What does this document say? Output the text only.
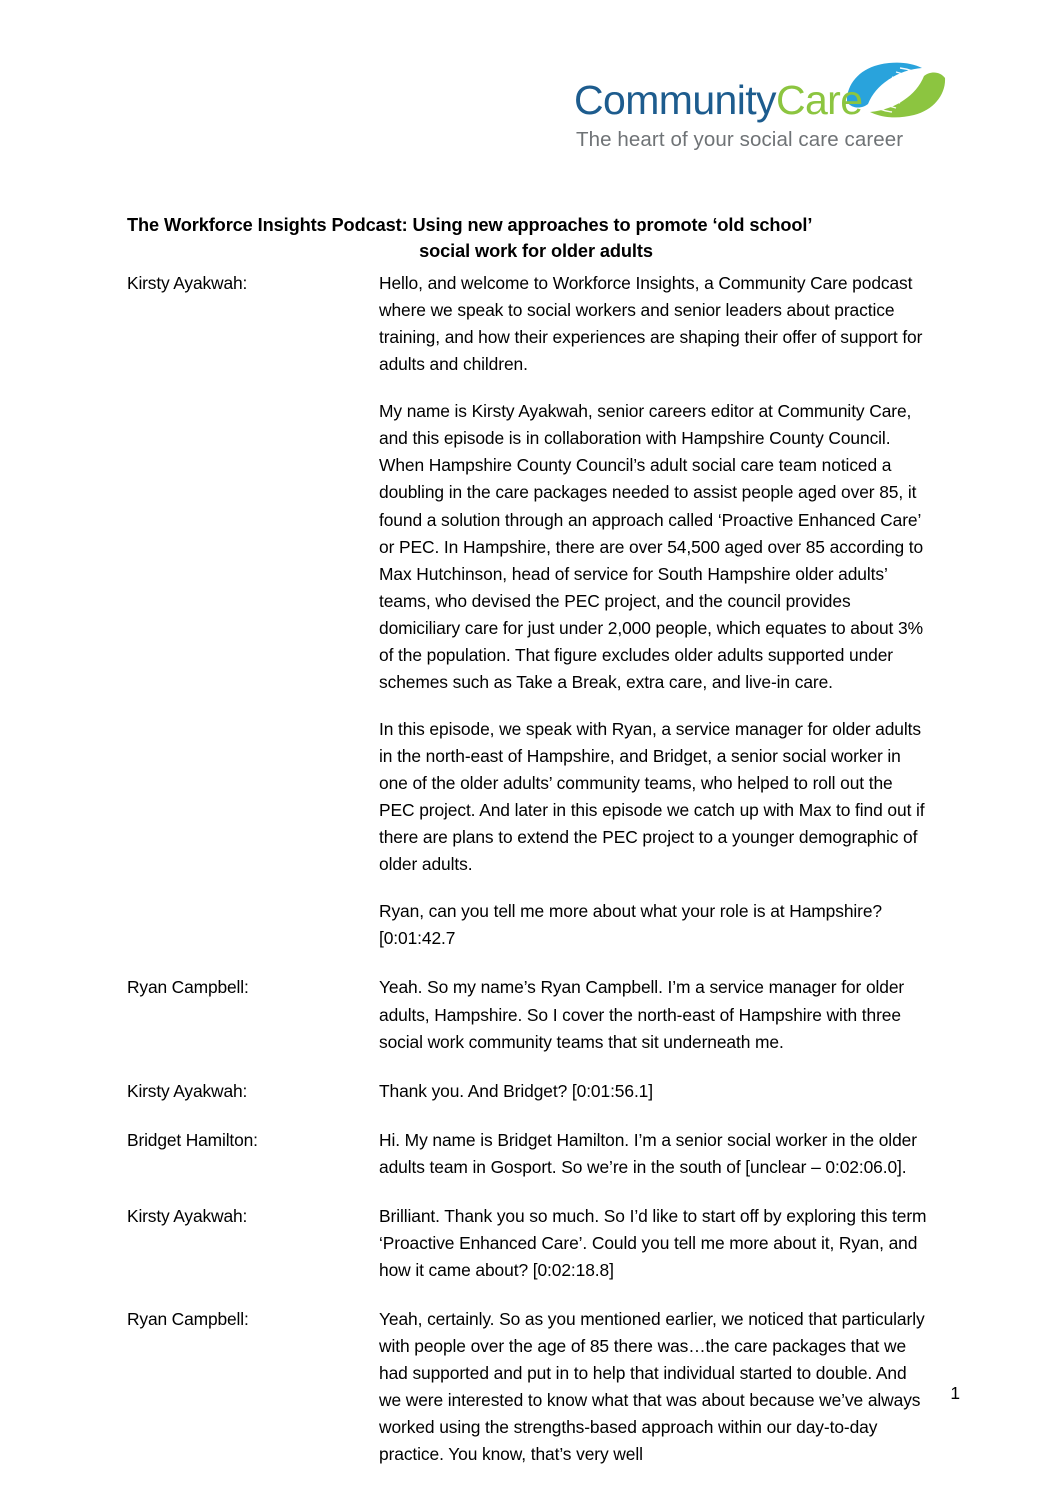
CommunityCare
The heart of your social care career
The Workforce Insights Podcast: Using new approaches to promote ‘old school’
social work for older adults
Kirsty Ayakwah:	Hello, and welcome to Workforce Insights, a Community Care podcast where we speak to social workers and senior leaders about practice training, and how their experiences are shaping their offer of support for adults and children.

My name is Kirsty Ayakwah, senior careers editor at Community Care, and this episode is in collaboration with Hampshire County Council. When Hampshire County Council’s adult social care team noticed a doubling in the care packages needed to assist people aged over 85, it found a solution through an approach called ‘Proactive Enhanced Care’ or PEC. In Hampshire, there are over 54,500 aged over 85 according to Max Hutchinson, head of service for South Hampshire older adults’ teams, who devised the PEC project, and the council provides domiciliary care for just under 2,000 people, which equates to about 3% of the population. That figure excludes older adults supported under schemes such as Take a Break, extra care, and live-in care.

In this episode, we speak with Ryan, a service manager for older adults in the north-east of Hampshire, and Bridget, a senior social worker in one of the older adults’ community teams, who helped to roll out the PEC project. And later in this episode we catch up with Max to find out if there are plans to extend the PEC project to a younger demographic of older adults.

Ryan, can you tell me more about what your role is at Hampshire? [0:01:42.7

Ryan Campbell:	Yeah. So my name’s Ryan Campbell. I’m a service manager for older adults, Hampshire. So I cover the north-east of Hampshire with three social work community teams that sit underneath me.

Kirsty Ayakwah:	Thank you. And Bridget? [0:01:56.1]

Bridget Hamilton:	Hi. My name is Bridget Hamilton. I’m a senior social worker in the older adults team in Gosport. So we’re in the south of [unclear – 0:02:06.0].

Kirsty Ayakwah:	Brilliant. Thank you so much. So I’d like to start off by exploring this term ‘Proactive Enhanced Care’. Could you tell me more about it, Ryan, and how it came about? [0:02:18.8]

Ryan Campbell:	Yeah, certainly. So as you mentioned earlier, we noticed that particularly with people over the age of 85 there was…the care packages that we had supported and put in to help that individual started to double. And we were interested to know what that was about because we’ve always worked using the strengths-based approach within our day-to-day practice. You know, that’s very well

1
